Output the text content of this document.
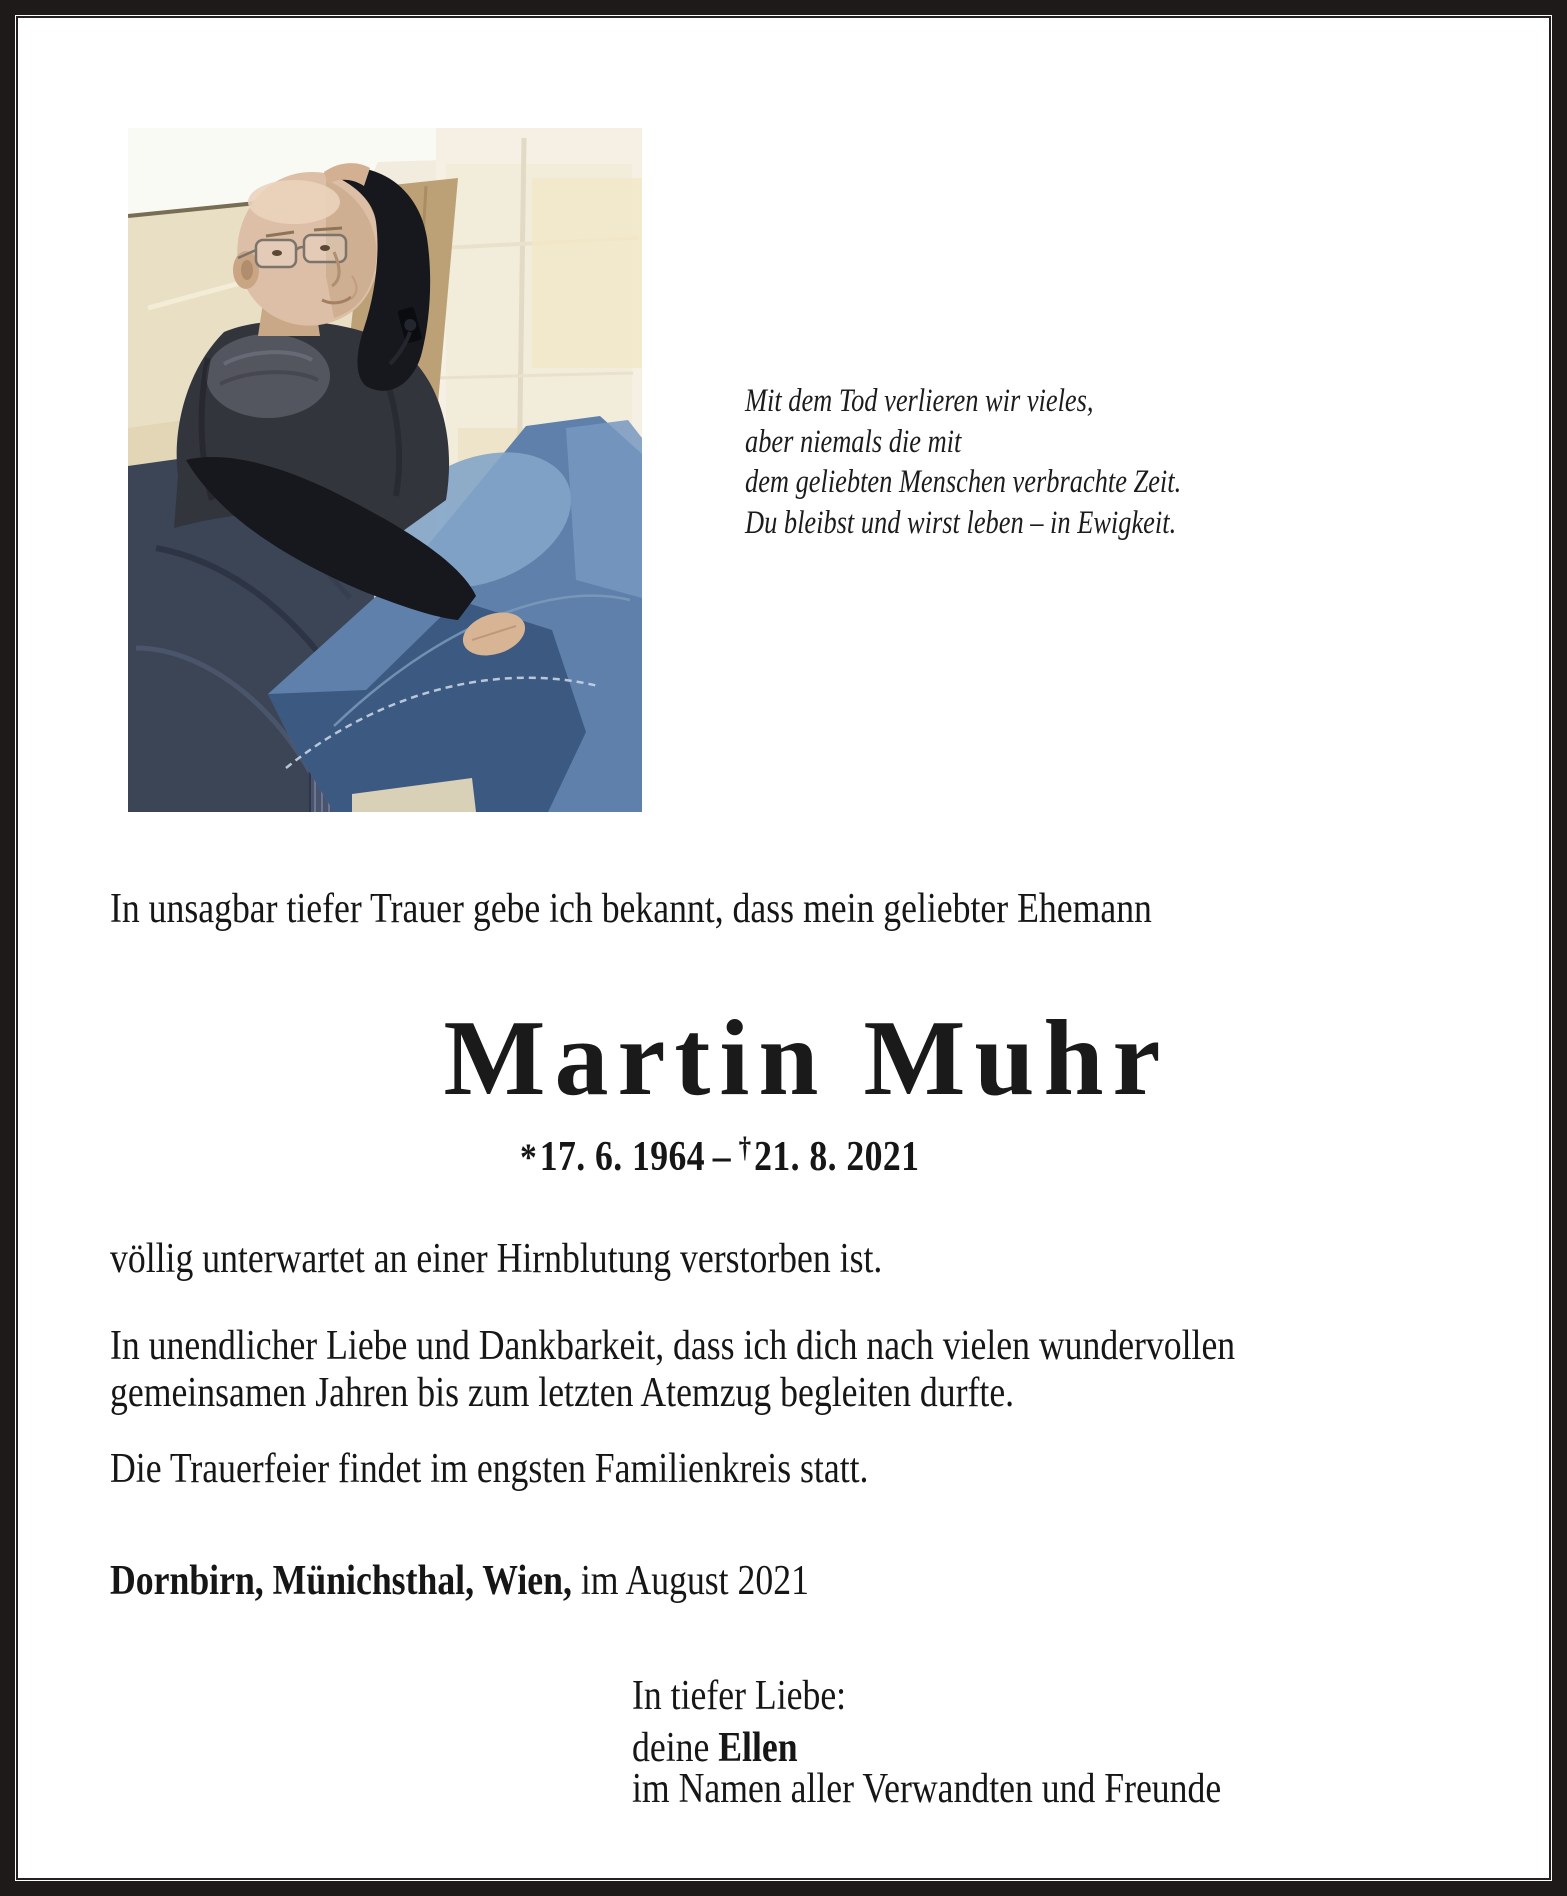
Mit dem Tod verlieren wir vieles,
aber niemals die mit
dem geliebten Menschen verbrachte Zeit.
Du bleibst und wirst leben – in Ewigkeit.
In unsagbar tiefer Trauer gebe ich bekannt, dass mein geliebter Ehemann
Martin Muhr
*17. 6. 1964 – †21. 8. 2021
völlig unterwartet an einer Hirnblutung verstorben ist.
In unendlicher Liebe und Dankbarkeit, dass ich dich nach vielen wundervollen
gemeinsamen Jahren bis zum letzten Atemzug begleiten durfte.
Die Trauerfeier findet im engsten Familienkreis statt.
Dornbirn, Münichsthal, Wien, im August 2021
In tiefer Liebe:
deine Ellen
im Namen aller Verwandten und Freunde
